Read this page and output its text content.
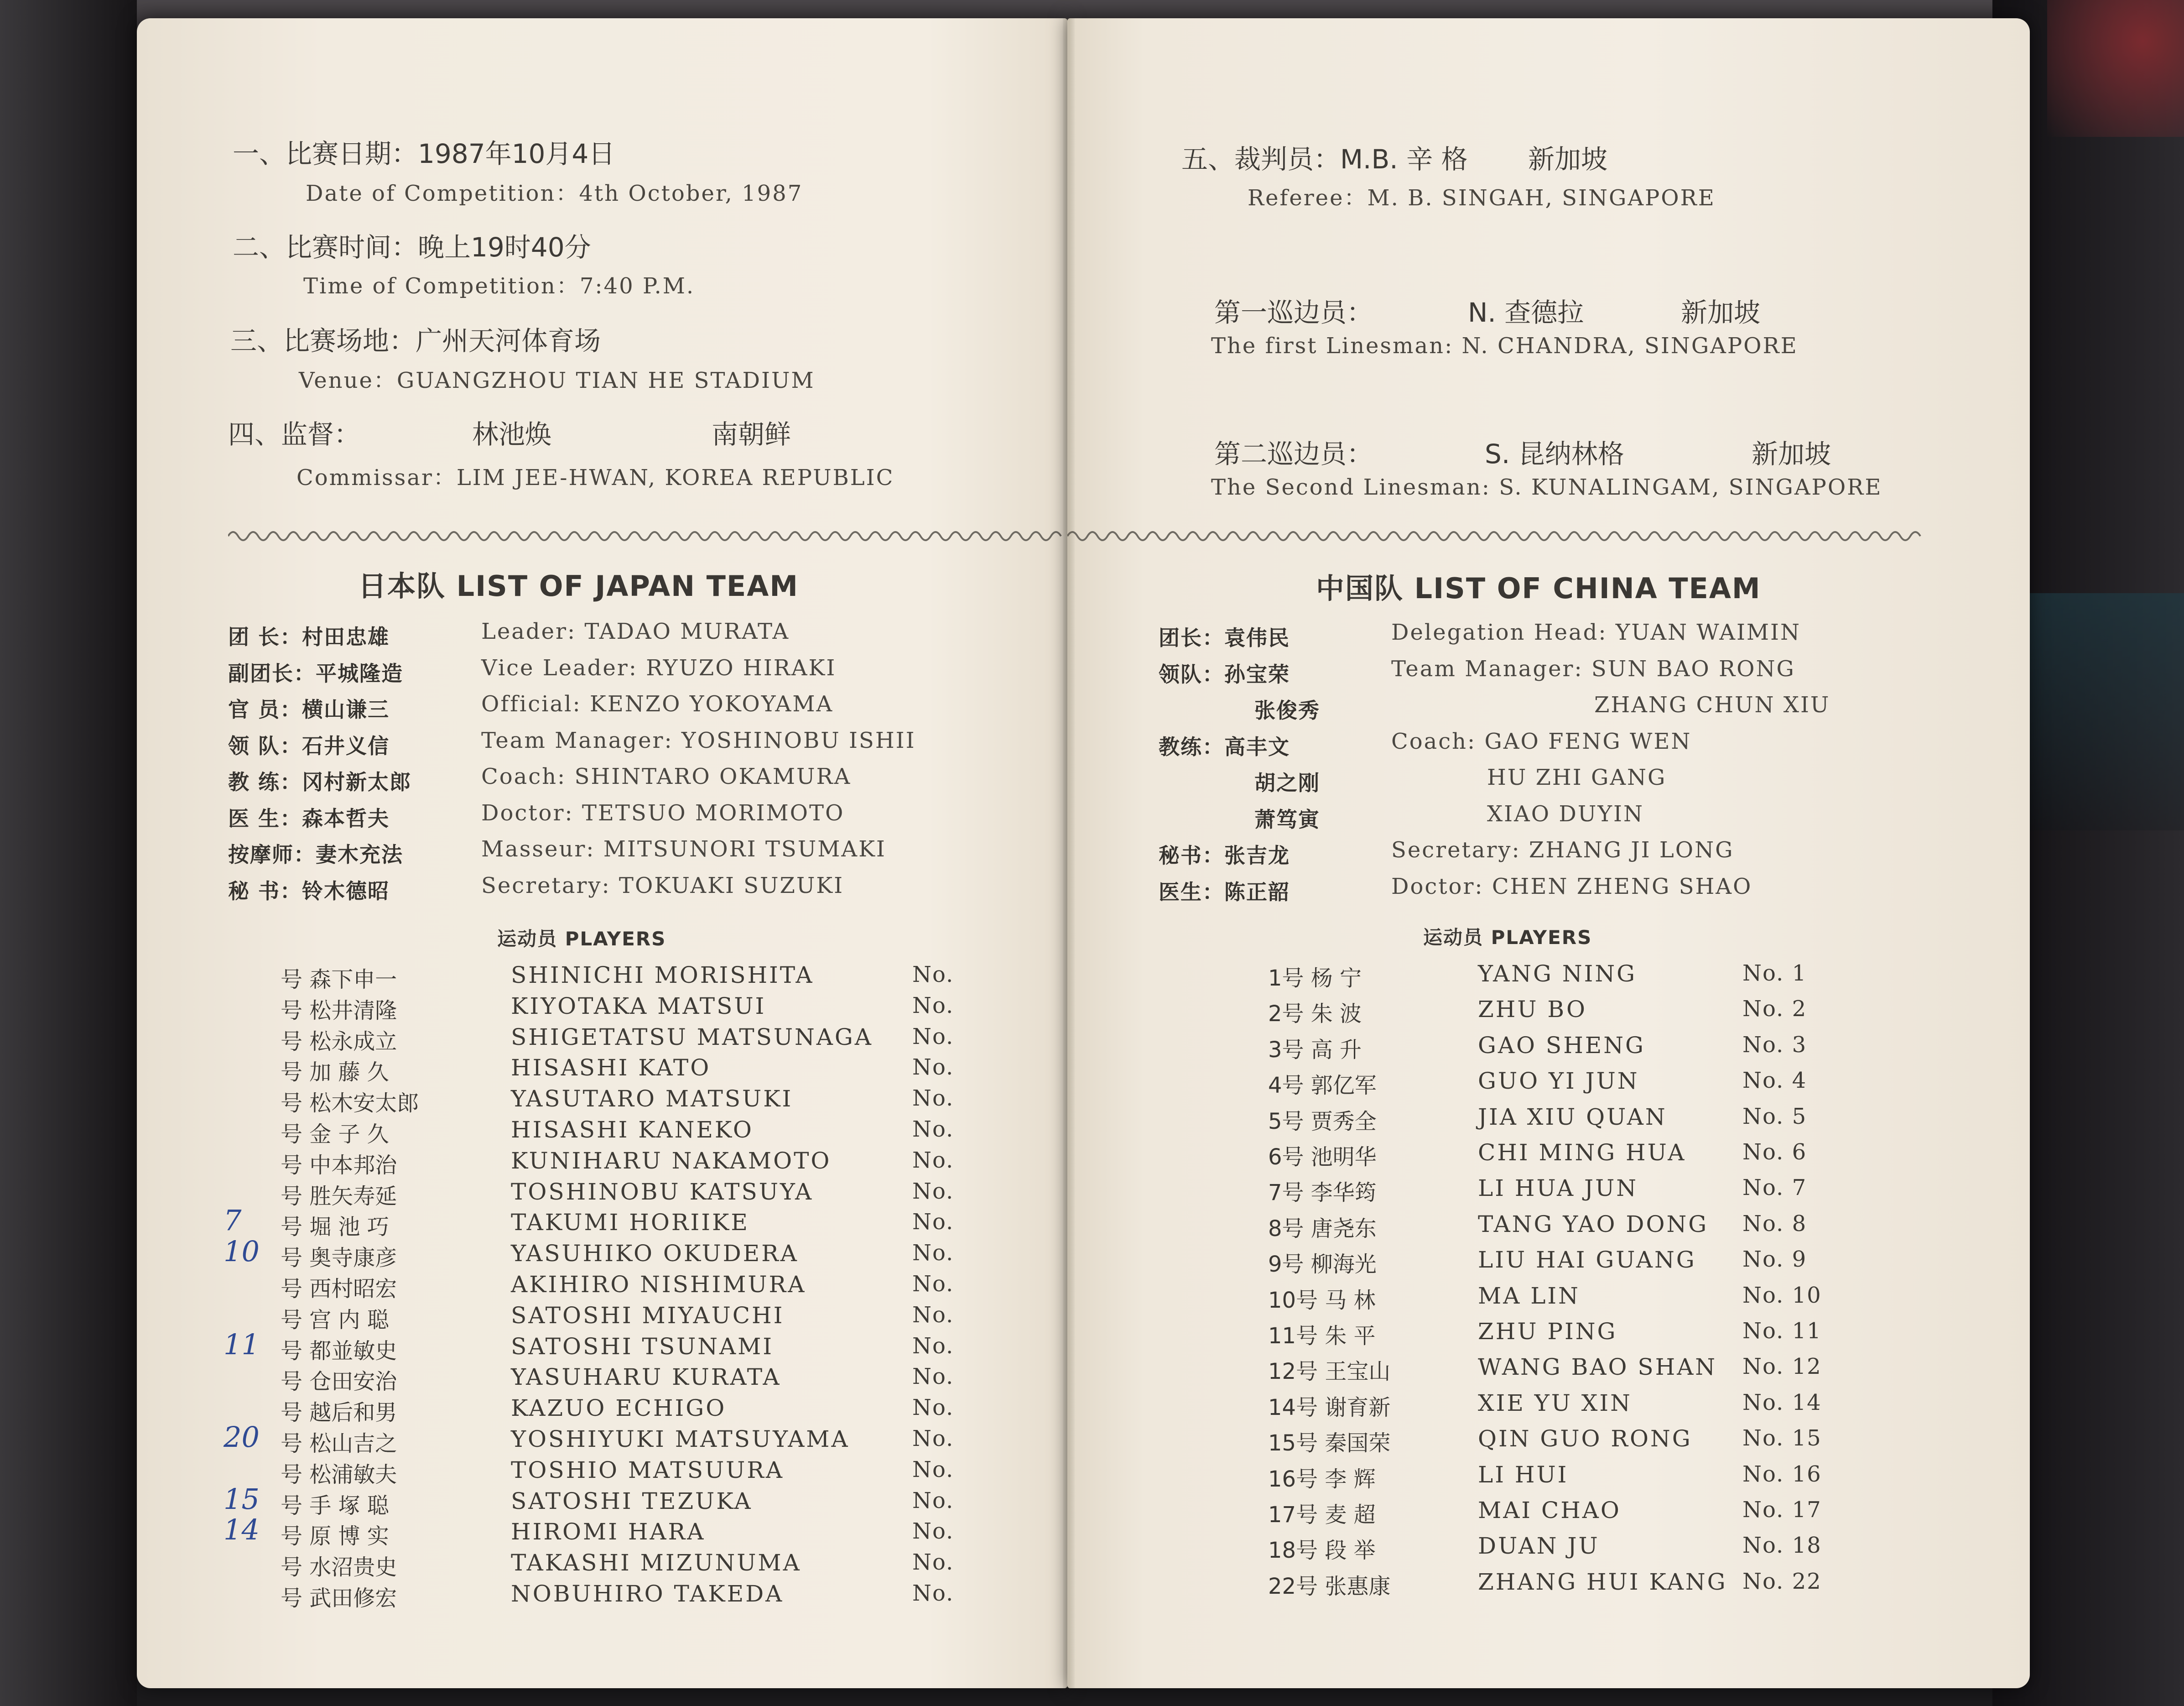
一、比赛日期：1987年10月4日
Date of Competition：4th October, 1987
二、比赛时间：晚上19时40分
Time of Competition：7:40 P.M.
三、比赛场地：广州天河体育场
Venue：GUANGZHOU TIAN HE STADIUM
四、监督：	林池焕	南朝鲜
Commissar：LIM JEE-HWAN, KOREA REPUBLIC
日本队 LIST OF JAPAN TEAM
团 长：村田忠雄	Leader: TADAO MURATA
副团长：平城隆造	Vice Leader: RYUZO HIRAKI
官 员：横山谦三	Official: KENZO YOKOYAMA
领 队：石井义信	Team Manager: YOSHINOBU ISHII
教 练：冈村新太郎	Coach: SHINTARO OKAMURA
医 生：森本哲夫	Doctor: TETSUO MORIMOTO
按摩师：妻木充法	Masseur: MITSUNORI TSUMAKI
秘 书：铃木德昭	Secretary: TOKUAKI SUZUKI
运动员 PLAYERS
号 森下申一	SHINICHI MORISHITA	No.
号 松井清隆	KIYOTAKA MATSUI	No.
号 松永成立	SHIGETATSU MATSUNAGA No.
号 加 藤 久	HISASHI KATO	No.
号 松木安太郎	YASUTARO MATSUKI	No.
号 金 子 久	HISASHI KANEKO	No.
号 中本邦治	KUNIHARU NAKAMOTO	No.
号 胜矢寿延	TOSHINOBU KATSUYA	No.
7 号 堀 池 巧	TAKUMI HORIIKE	No.
10 号 奥寺康彦	YASUHIKO OKUDERA	No.
号 西村昭宏	AKIHIRO NISHIMURA	No.
号 宫 内 聪	SATOSHI MIYAUCHI	No.
11 号 都並敏史	SATOSHI TSUNAMI	No.
号 仓田安治	YASUHARU KURATA	No.
号 越后和男	KAZUO ECHIGO	No.
20 号 松山吉之	YOSHIYUKI MATSUYAMA	No.
号 松浦敏夫	TOSHIO MATSUURA	No.
15 号 手 塚 聪	SATOSHI TEZUKA	No.
14 号 原 博 实	HIROMI HARA	No.
号 水沼贵史	TAKASHI MIZUNUMA	No.
号 武田修宏	NOBUHIRO TAKEDA	No.
五、裁判员：M.B. 辛 格 新加坡
Referee：M. B. SINGAH, SINGAPORE
第一巡边员：	N. 查德拉	新加坡
The first Linesman: N. CHANDRA, SINGAPORE
第二巡边员：	S. 昆纳林格	新加坡
The Second Linesman: S. KUNALINGAM, SINGAPORE
中国队 LIST OF CHINA TEAM
团长：袁伟民	Delegation Head: YUAN WAIMIN
领队：孙宝荣	Team Manager: SUN BAO RONG
张俊秀	ZHANG CHUN XIU
教练：高丰文	Coach: GAO FENG WEN
胡之刚	HU ZHI GANG
萧笃寅	XIAO DUYIN
秘书：张吉龙	Secretary: ZHANG JI LONG
医生：陈正韶	Doctor: CHEN ZHENG SHAO
运动员 PLAYERS
1号 杨 宁	YANG NING	No. 1
2号 朱 波	ZHU BO	No. 2
3号 高 升	GAO SHENG	No. 3
4号 郭亿军	GUO YI JUN	No. 4
5号 贾秀全	JIA XIU QUAN	No. 5
6号 池明华	CHI MING HUA	No. 6
7号 李华筠	LI HUA JUN	No. 7
8号 唐尧东	TANG YAO DONG No. 8
9号 柳海光	LIU HAI GUANG No. 9
10号 马 林	MA LIN	No. 10
11号 朱 平	ZHU PING	No. 11
12号 王宝山	WANG BAO SHAN No. 12
14号 谢育新	XIE YU XIN	No. 14
15号 秦国荣	QIN GUO RONG No. 15
16号 李 辉	LI HUI	No. 16
17号 麦 超	MAI CHAO	No. 17
18号 段 举	DUAN JU	No. 18
22号 张惠康	ZHANG HUI KANG No. 22
